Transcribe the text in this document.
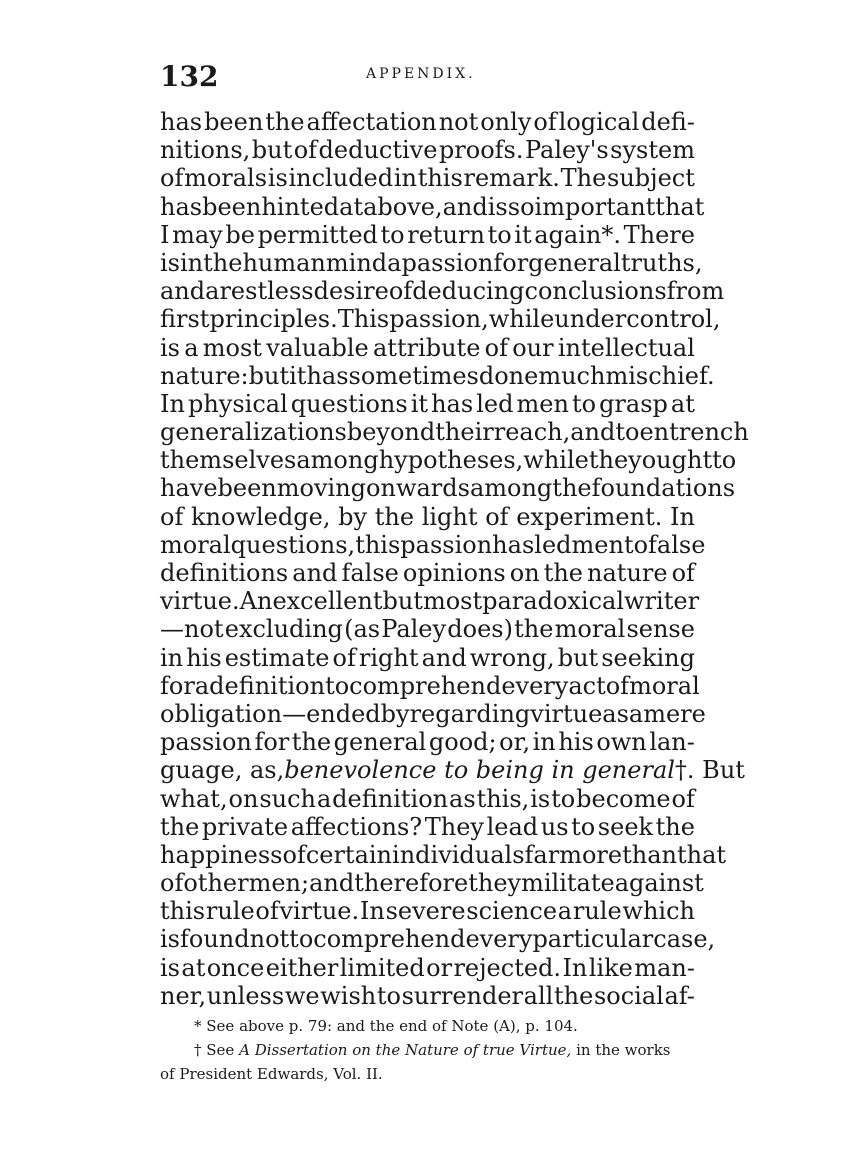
132	APPENDIX.
has been the affectation not only of logical defi-
nitions, but of deductive proofs. Paley's system
of morals is included in this remark. The subject
has been hinted at above, and is so important that
I may be permitted to return to it again*. There
is in the human mind a passion for general truths,
and a restless desire of deducing conclusions from
first principles. This passion, while under control,
is a most valuable attribute of our intellectual
nature: but it has sometimes done much mischief.
In physical questions it has led men to grasp at
generalizations beyond their reach, and to entrench
themselves among hypotheses, while they ought to
have been moving onwards among the foundations
of knowledge, by the light of experiment. In
moral questions, this passion has led men to false
definitions and false opinions on the nature of
virtue. An excellent but most paradoxical writer
—not excluding (as Paley does) the moral sense
in his estimate of right and wrong, but seeking
for a definition to comprehend every act of moral
obligation—ended by regarding virtue as a mere
passion for the general good; or, in his own lan-
guage, as, benevolence to being in general†. But
what, on such a definition as this, is to become of
the private affections? They lead us to seek the
happiness of certain individuals far more than that
of other men; and therefore they militate against
this rule of virtue. In severe science a rule which
is found not to comprehend every particular case,
is at once either limited or rejected. In like man-
ner, unless we wish to surrender all the social af-
* See above p. 79: and the end of Note (A), p. 104.
† See A Dissertation on the Nature of true Virtue, in the works
of President Edwards, Vol. II.
